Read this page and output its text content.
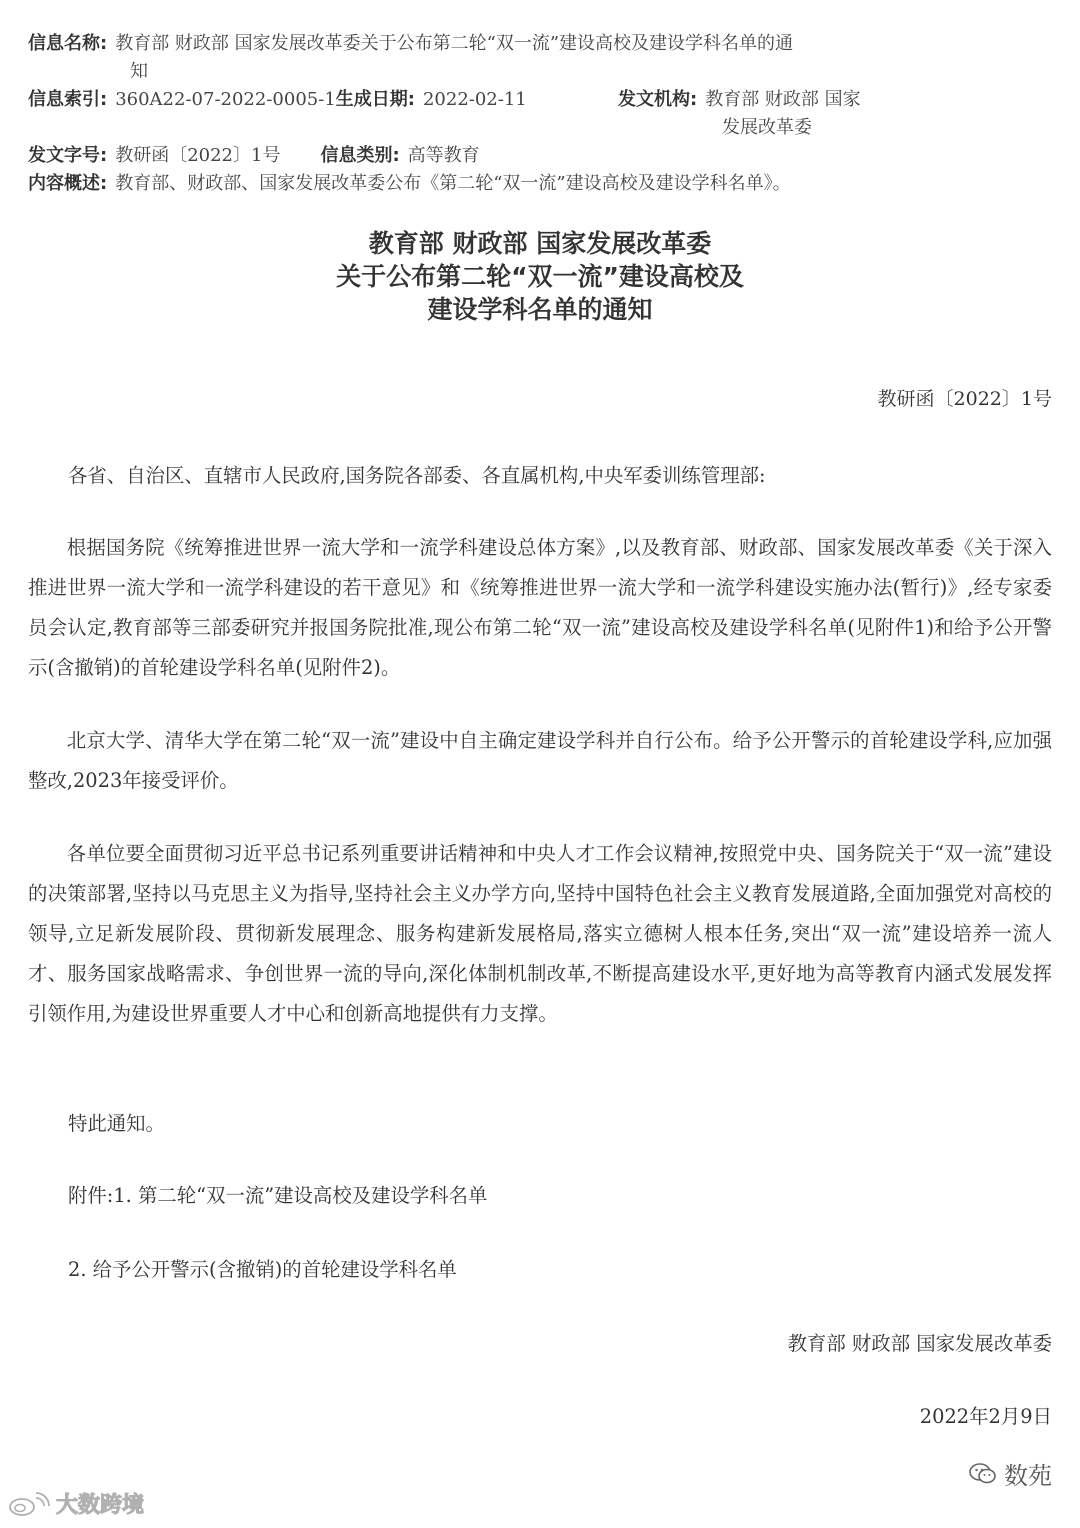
信息名称: 教育部 财政部 国家发展改革委关于公布第二轮“双一流”建设高校及建设学科名单的通
知
信息索引: 360A22-07-2022-0005-1生成日期: 2022-02-11	发文机构: 教育部 财政部 国家
发展改革委
发文字号: 教研函〔2022〕1号 信息类别: 高等教育
内容概述: 教育部、财政部、国家发展改革委公布《第二轮“双一流”建设高校及建设学科名单》。
教育部 财政部 国家发展改革委
关于公布第二轮“双一流”建设高校及
建设学科名单的通知
教研函〔2022〕1号
各省、自治区、直辖市人民政府,国务院各部委、各直属机构,中央军委训练管理部:
根据国务院《统筹推进世界一流大学和一流学科建设总体方案》,以及教育部、财政部、国家发展改革委《关于深入推进世界一流大学和一流学科建设的若干意见》和《统筹推进世界一流大学和一流学科建设实施办法(暂行)》,经专家委员会认定,教育部等三部委研究并报国务院批准,现公布第二轮“双一流”建设高校及建设学科名单(见附件1)和给予公开警示(含撤销)的首轮建设学科名单(见附件2)。
北京大学、清华大学在第二轮“双一流”建设中自主确定建设学科并自行公布。给予公开警示的首轮建设学科,应加强整改,2023年接受评价。
各单位要全面贯彻习近平总书记系列重要讲话精神和中央人才工作会议精神,按照党中央、国务院关于“双一流”建设的决策部署,坚持以马克思主义为指导,坚持社会主义办学方向,坚持中国特色社会主义教育发展道路,全面加强党对高校的领导,立足新发展阶段、贯彻新发展理念、服务构建新发展格局,落实立德树人根本任务,突出“双一流”建设培养一流人才、服务国家战略需求、争创世界一流的导向,深化体制机制改革,不断提高建设水平,更好地为高等教育内涵式发展发挥引领作用,为建设世界重要人才中心和创新高地提供有力支撑。
特此通知。
附件:1. 第二轮“双一流”建设高校及建设学科名单
2. 给予公开警示(含撤销)的首轮建设学科名单
教育部 财政部 国家发展改革委
2022年2月9日
数苑
大数跨境
